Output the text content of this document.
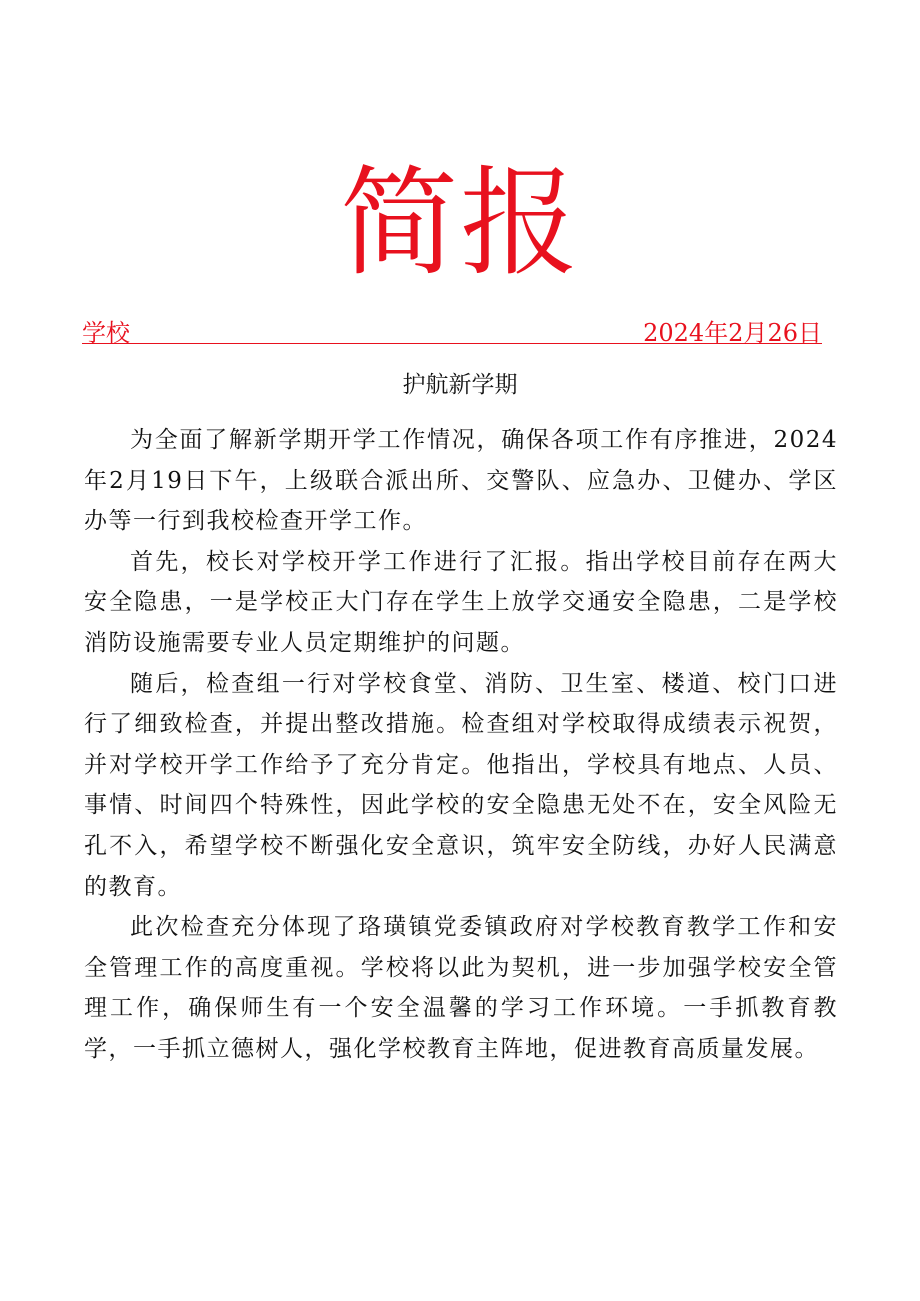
简报
学校	2024年2月26日
护航新学期

为全面了解新学期开学工作情况，确保各项工作有序推进，2024年2月19日下午，上级联合派出所、交警队、应急办、卫健办、学区办等一行到我校检查开学工作。

首先，校长对学校开学工作进行了汇报。指出学校目前存在两大安全隐患，一是学校正大门存在学生上放学交通安全隐患，二是学校消防设施需要专业人员定期维护的问题。

随后，检查组一行对学校食堂、消防、卫生室、楼道、校门口进行了细致检查，并提出整改措施。检查组对学校取得成绩表示祝贺，并对学校开学工作给予了充分肯定。他指出，学校具有地点、人员、事情、时间四个特殊性，因此学校的安全隐患无处不在，安全风险无孔不入，希望学校不断强化安全意识，筑牢安全防线，办好人民满意的教育。

此次检查充分体现了珞璜镇党委镇政府对学校教育教学工作和安全管理工作的高度重视。学校将以此为契机，进一步加强学校安全管理工作，确保师生有一个安全温馨的学习工作环境。一手抓教育教学，一手抓立德树人，强化学校教育主阵地，促进教育高质量发展。
